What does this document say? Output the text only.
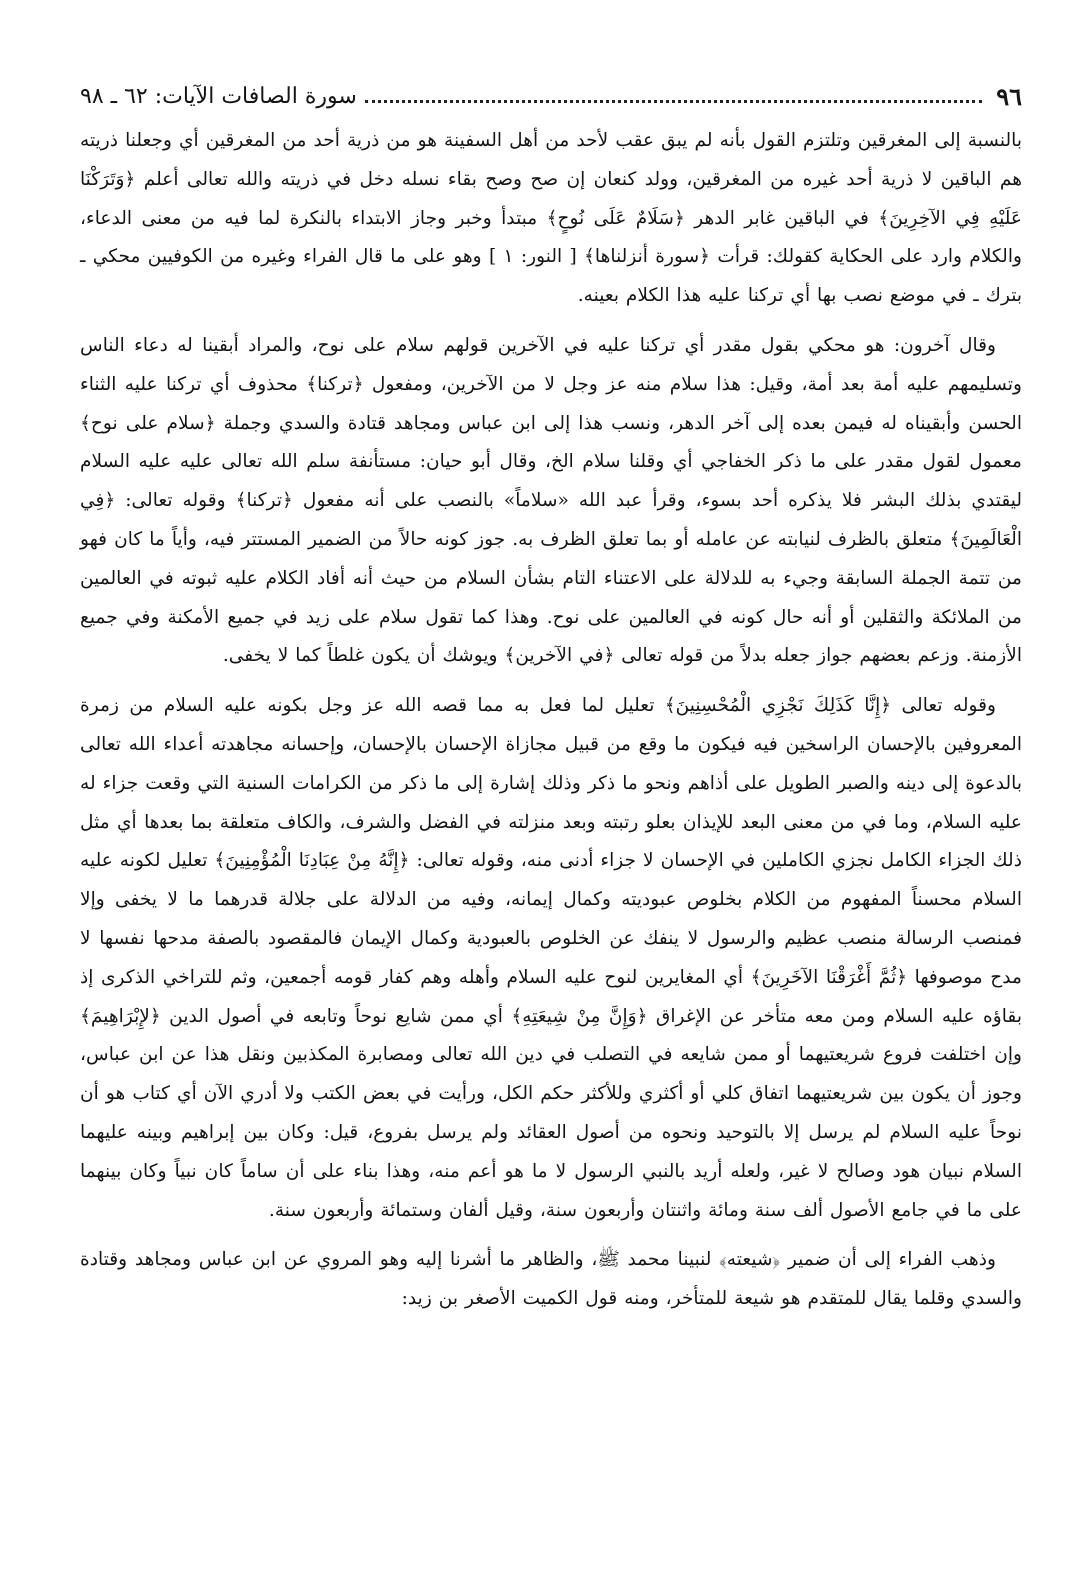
٩٦
سورة الصافات الآيات: ٦٢ ـ ٩٨

بالنسبة إلى المغرقين وتلتزم القول بأنه لم يبق عقب لأحد من أهل السفينة هو من ذرية أحد من المغرقين أي وجعلنا ذريته هم الباقين لا ذرية أحد غيره من المغرقين، وولد كنعان إن صح وصح بقاء نسله دخل في ذريته والله تعالى أعلم ﴿وَتَرَكْنَا عَلَيْهِ فِي الآخِرِينَ﴾ في الباقين غابر الدهر ﴿سَلَامٌ عَلَى نُوحٍ﴾ مبتدأ وخبر وجاز الابتداء بالنكرة لما فيه من معنى الدعاء، والكلام وارد على الحكاية كقولك: قرأت ﴿سورة أنزلناها﴾ [ النور: ١ ] وهو على ما قال الفراء وغيره من الكوفيين محكي ـ بترك ـ في موضع نصب بها أي تركنا عليه هذا الكلام بعينه.

وقال آخرون: هو محكي بقول مقدر أي تركنا عليه في الآخرين قولهم سلام على نوح، والمراد أبقينا له دعاء الناس وتسليمهم عليه أمة بعد أمة، وقيل: هذا سلام منه عز وجل لا من الآخرين، ومفعول ﴿تركنا﴾ محذوف أي تركنا عليه الثناء الحسن وأبقيناه له فيمن بعده إلى آخر الدهر، ونسب هذا إلى ابن عباس ومجاهد قتادة والسدي وجملة ﴿سلام على نوح﴾ معمول لقول مقدر على ما ذكر الخفاجي أي وقلنا سلام الخ، وقال أبو حيان: مستأنفة سلم الله تعالى عليه عليه السلام ليقتدي بذلك البشر فلا يذكره أحد بسوء، وقرأ عبد الله «سلاماً» بالنصب على أنه مفعول ﴿تركنا﴾ وقوله تعالى: ﴿فِي الْعَالَمِينَ﴾ متعلق بالظرف لنيابته عن عامله أو بما تعلق الظرف به. جوز كونه حالاً من الضمير المستتر فيه، وأياً ما كان فهو من تتمة الجملة السابقة وجيء به للدلالة على الاعتناء التام بشأن السلام من حيث أنه أفاد الكلام عليه ثبوته في العالمين من الملائكة والثقلين أو أنه حال كونه في العالمين على نوح. وهذا كما تقول سلام على زيد في جميع الأمكنة وفي جميع الأزمنة. وزعم بعضهم جواز جعله بدلاً من قوله تعالى ﴿في الآخرين﴾ ويوشك أن يكون غلطاً كما لا يخفى.

وقوله تعالى ﴿إِنَّا كَذَلِكَ نَجْزِي الْمُحْسِنِينَ﴾ تعليل لما فعل به مما قصه الله عز وجل بكونه عليه السلام من زمرة المعروفين بالإحسان الراسخين فيه فيكون ما وقع من قبيل مجازاة الإحسان بالإحسان، وإحسانه مجاهدته أعداء الله تعالى بالدعوة إلى دينه والصبر الطويل على أذاهم ونحو ما ذكر وذلك إشارة إلى ما ذكر من الكرامات السنية التي وقعت جزاء له عليه السلام، وما في من معنى البعد للإيذان بعلو رتبته وبعد منزلته في الفضل والشرف، والكاف متعلقة بما بعدها أي مثل ذلك الجزاء الكامل نجزي الكاملين في الإحسان لا جزاء أدنى منه، وقوله تعالى: ﴿إِنَّهُ مِنْ عِبَادِنَا الْمُؤْمِنِينَ﴾ تعليل لكونه عليه السلام محسناً المفهوم من الكلام بخلوص عبوديته وكمال إيمانه، وفيه من الدلالة على جلالة قدرهما ما لا يخفى وإلا فمنصب الرسالة منصب عظيم والرسول لا ينفك عن الخلوص بالعبودية وكمال الإيمان فالمقصود بالصفة مدحها نفسها لا مدح موصوفها ﴿ثُمَّ أَغْرَقْنَا الآخَرِينَ﴾ أي المغايرين لنوح عليه السلام وأهله وهم كفار قومه أجمعين، وثم للتراخي الذكرى إذ بقاؤه عليه السلام ومن معه متأخر عن الإغراق ﴿وَإِنَّ مِنْ شِيعَتِهِ﴾ أي ممن شايع نوحاً وتابعه في أصول الدين ﴿لإِبْرَاهِيمَ﴾ وإن اختلفت فروع شريعتيهما أو ممن شايعه في التصلب في دين الله تعالى ومصابرة المكذبين ونقل هذا عن ابن عباس، وجوز أن يكون بين شريعتيهما اتفاق كلي أو أكثري وللأكثر حكم الكل، ورأيت في بعض الكتب ولا أدري الآن أي كتاب هو أن نوحاً عليه السلام لم يرسل إلا بالتوحيد ونحوه من أصول العقائد ولم يرسل بفروع، قيل: وكان بين إبراهيم وبينه عليهما السلام نبيان هود وصالح لا غير، ولعله أريد بالنبي الرسول لا ما هو أعم منه، وهذا بناء على أن ساماً كان نبياً وكان بينهما على ما في جامع الأصول ألف سنة ومائة واثنتان وأربعون سنة، وقيل ألفان وستمائة وأربعون سنة.

وذهب الفراء إلى أن ضمير ﴿شيعته﴾ لنبينا محمد ﷺ، والظاهر ما أشرنا إليه وهو المروي عن ابن عباس ومجاهد وقتادة والسدي وقلما يقال للمتقدم هو شيعة للمتأخر، ومنه قول الكميت الأصغر بن زيد:
